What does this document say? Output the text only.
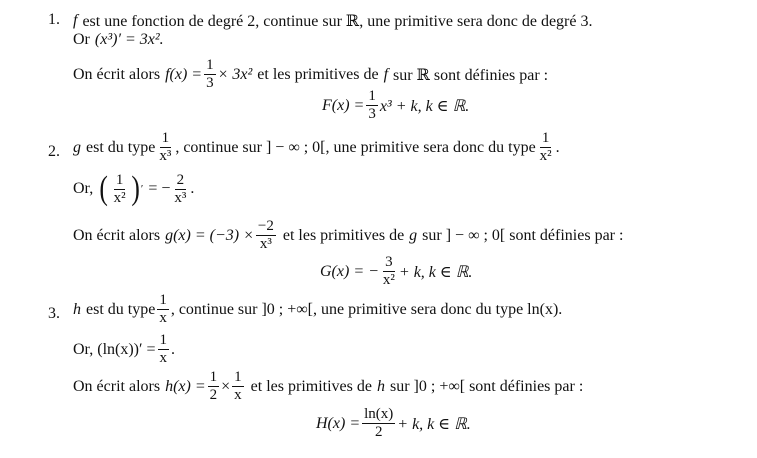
1. f est une fonction de degré 2, continue sur ℝ, une primitive sera donc de degré 3.
Or (x³)′ = 3x².
On écrit alors $f(x) = \frac{1}{3} \times 3x^2$ et les primitives de f sur ℝ sont définies par :
$F(x) = \frac{1}{3} x^3 + k$, k ∈ ℝ.
2. g est du type $\frac{1}{\text{x³}}$ , continue sur ] − ∞ ; 0[, une primitive sera donc du type $\frac{1}{\text{x²}}$ .
Or, ( $\frac{1}{\text{x²}}$ ) ′ = − $\frac{2}{\text{x³}}$ .
On écrit alors $g(x) = (-3) \times \frac{-2}{\text{x³}}$ et les primitives de g sur ] − ∞ ; 0[ sont définies par :
G(x) = − $\frac{3}{\text{x²}} + k$, k ∈ ℝ.
3. h est du type $\frac{1}{x}$ , continue sur ]0 ; +∞[, une primitive sera donc du type ln(x).
Or, $(\ln(x))' = \frac{1}{x}$ .
On écrit alors $h(x) = \frac{1}{2} \times \frac{1}{x}$ et les primitives de h sur ]0 ; +∞[ sont définies par :
$H(x) = \frac{\ln(x)}{2} + k$, k ∈ ℝ.
